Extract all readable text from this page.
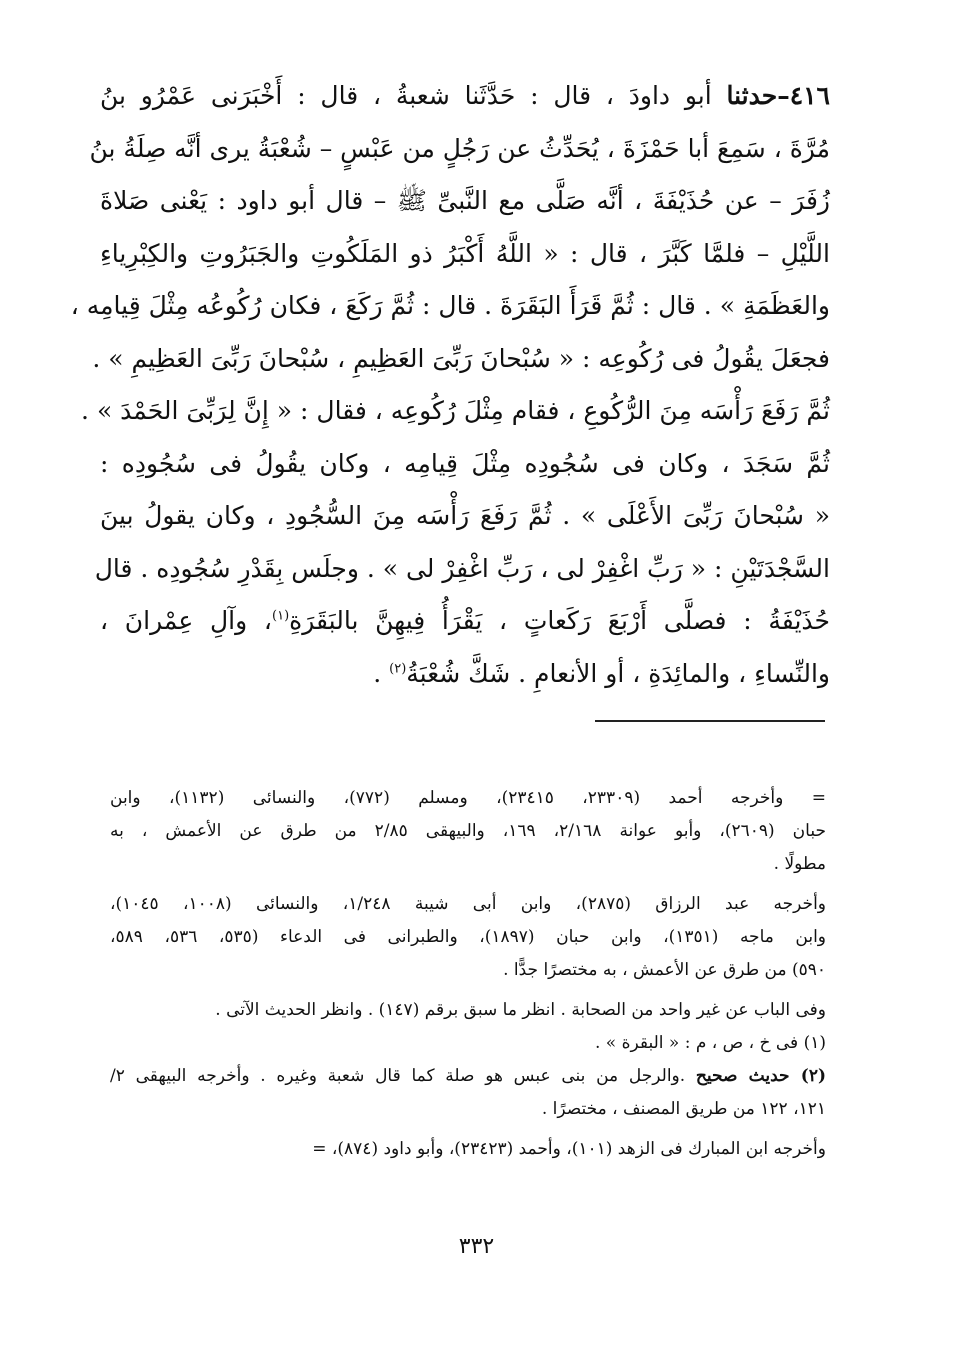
٤١٦–حدثنا أبو داودَ ، قال : حَدَّثَنا شعبةُ ، قال : أَخْبَرَنى عَمْرُو بنُ
مُرَّةَ ، سَمِعَ أبا حَمْزَةَ ، يُحَدِّثُ عن رَجُلٍ من عَبْسٍ – شُعْبَةُ يرى أنَّه صِلَةُ بنُ
زُفَرَ – عن حُذَيْفَةَ ، أنَّه صَلَّى مع النَّبىِّ ﷺ – قال أبو داود : يَعْنى صَلاةَ
اللَّيْلِ – فلمَّا كَبَّرَ ، قال : « اللَّهُ أَكْبَرُ ذو المَلَكُوتِ والجَبَرُوتِ والكِبْرِياءِ
والعَظَمَةِ » . قال : ثُمَّ قَرَأَ البَقَرَةَ . قال : ثُمَّ رَكَعَ ، فكان رُكُوعُه مِثْلَ قِيامِه ،
فجعَلَ يقُولُ فى رُكُوعِه : « سُبْحانَ رَبِّىَ العَظِيمِ ، سُبْحانَ رَبِّىَ العَظِيمِ » .
ثُمَّ رَفَعَ رَأْسَه مِنَ الرُّكُوعِ ، فقام مِثْلَ رُكُوعِه ، فقال : « إِنَّ لِرَبِّىَ الحَمْدَ » .
ثُمَّ سَجَدَ ، وكان فى سُجُودِه مِثْلَ قِيامِه ، وكان يقُولُ فى سُجُودِه :
« سُبْحانَ رَبِّىَ الأَعْلَى » . ثُمَّ رَفَعَ رَأْسَه مِنَ السُّجُودِ ، وكان يقولُ بينَ
السَّجْدَتَيْنِ : « رَبِّ اغْفِرْ لى ، رَبِّ اغْفِرْ لى » . وجلَس بِقَدْرِ سُجُودِه . قال
حُذَيْفَةُ : فصلَّى أَرْبَعَ رَكَعاتٍ ، يَقْرَأُ فِيهِنَّ بالبَقَرَةِ$^{(١)}$، وآلِ عِمْرانَ ،
والنِّساءِ ، والمائِدَةِ ، أو الأنعامِ . شَكَّ شُعْبَةُ$^{(٢)}$ .
= وأخرجه أحمد (٢٣٣٠٩، ٢٣٤١٥)، ومسلم (٧٧٢)، والنسائى (١١٣٢)، وابن
حبان (٢٦٠٩)، وأبو عوانة ٢/١٦٨، ١٦٩، والبيهقى ٢/٨٥ من طرق عن الأعمش ، به
مطولًا .
وأخرجه عبد الرزاق (٢٨٧٥)، وابن أبى شيبة ١/٢٤٨، والنسائى (١٠٠٨، ١٠٤٥)،
وابن ماجه (١٣٥١)، وابن حبان (١٨٩٧)، والطبرانى فى الدعاء (٥٣٥، ٥٣٦، ٥٨٩،
٥٩٠) من طرق عن الأعمش ، به مختصرًا جدًّا .
وفى الباب عن غير واحد من الصحابة . انظر ما سبق برقم (١٤٧) . وانظر الحديث الآتى .
(١) فى خ ، ص ، م : « البقرة » .
(٢) حديث صحيح .والرجل من بنى عبس هو صلة كما قال شعبة وغيره . وأخرجه البيهقى ٢/
١٢١، ١٢٢ من طريق المصنف ، مختصرًا .
وأخرجه ابن المبارك فى الزهد (١٠١)، وأحمد (٢٣٤٢٣)، وأبو داود (٨٧٤)، =
٣٣٢
